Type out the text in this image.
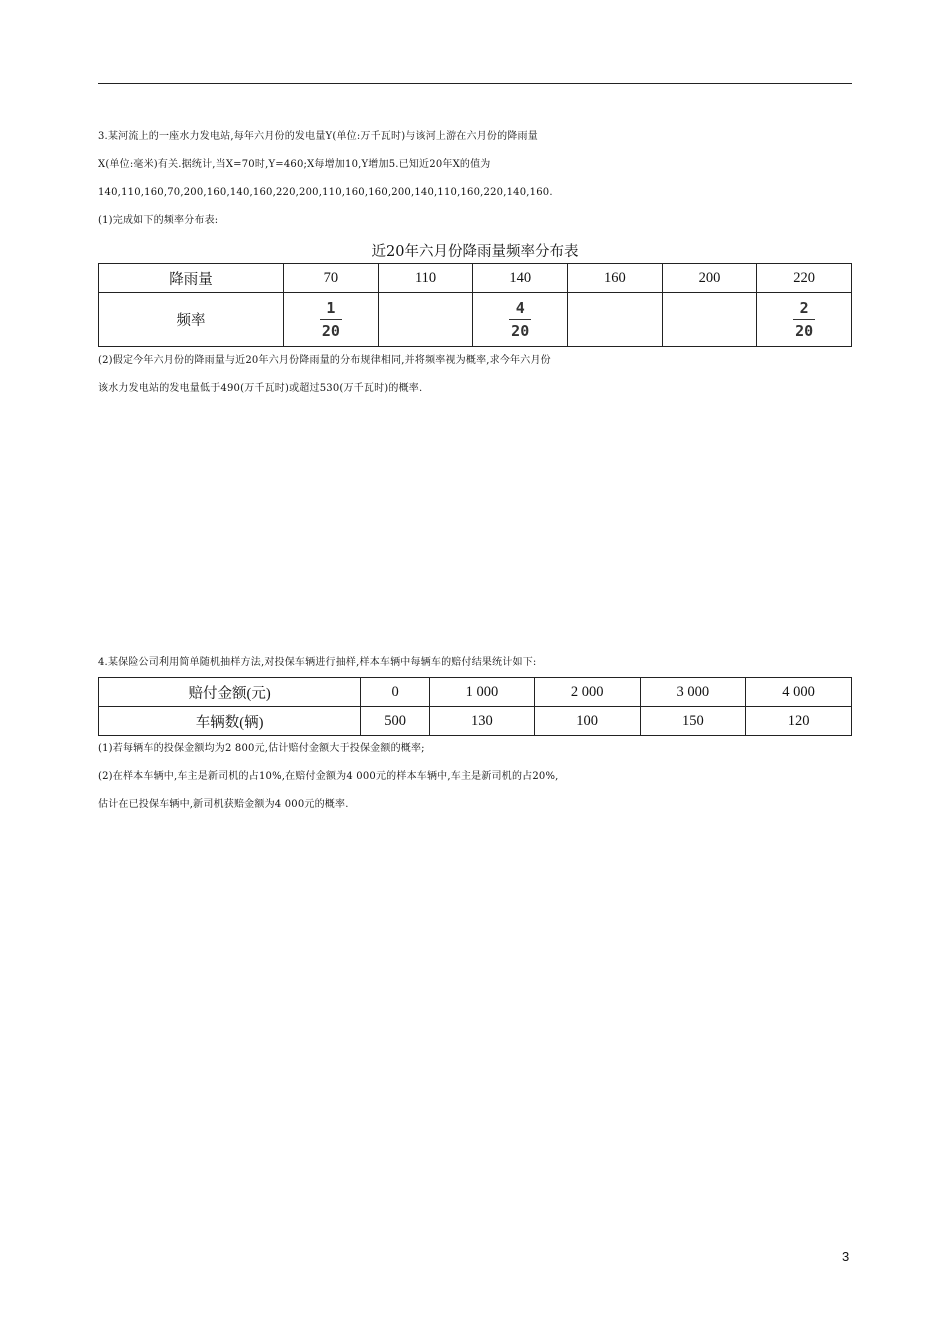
3.某河流上的一座水力发电站,每年六月份的发电量Y(单位:万千瓦时)与该河上游在六月份的降雨量
X(单位:毫米)有关.据统计,当X=70时,Y=460;X每增加10,Y增加5.已知近20年X的值为
140,110,160,70,200,160,140,160,220,200,110,160,160,200,140,110,160,220,140,160.
(1)完成如下的频率分布表:
近20年六月份降雨量频率分布表
降雨量	70	110	140	160	200	220
频率	$\frac{1}{20}$		$\frac{4}{20}$			$\frac{2}{20}$
(2)假定今年六月份的降雨量与近20年六月份降雨量的分布规律相同,并将频率视为概率,求今年六月份
该水力发电站的发电量低于490(万千瓦时)或超过530(万千瓦时)的概率.
4.某保险公司利用简单随机抽样方法,对投保车辆进行抽样,样本车辆中每辆车的赔付结果统计如下:
赔付金额(元)	0	1 000	2 000	3 000	4 000
车辆数(辆)	500	130	100	150	120
(1)若每辆车的投保金额均为2 800元,估计赔付金额大于投保金额的概率;
(2)在样本车辆中,车主是新司机的占10%,在赔付金额为4 000元的样本车辆中,车主是新司机的占20%,
估计在已投保车辆中,新司机获赔金额为4 000元的概率.
3
